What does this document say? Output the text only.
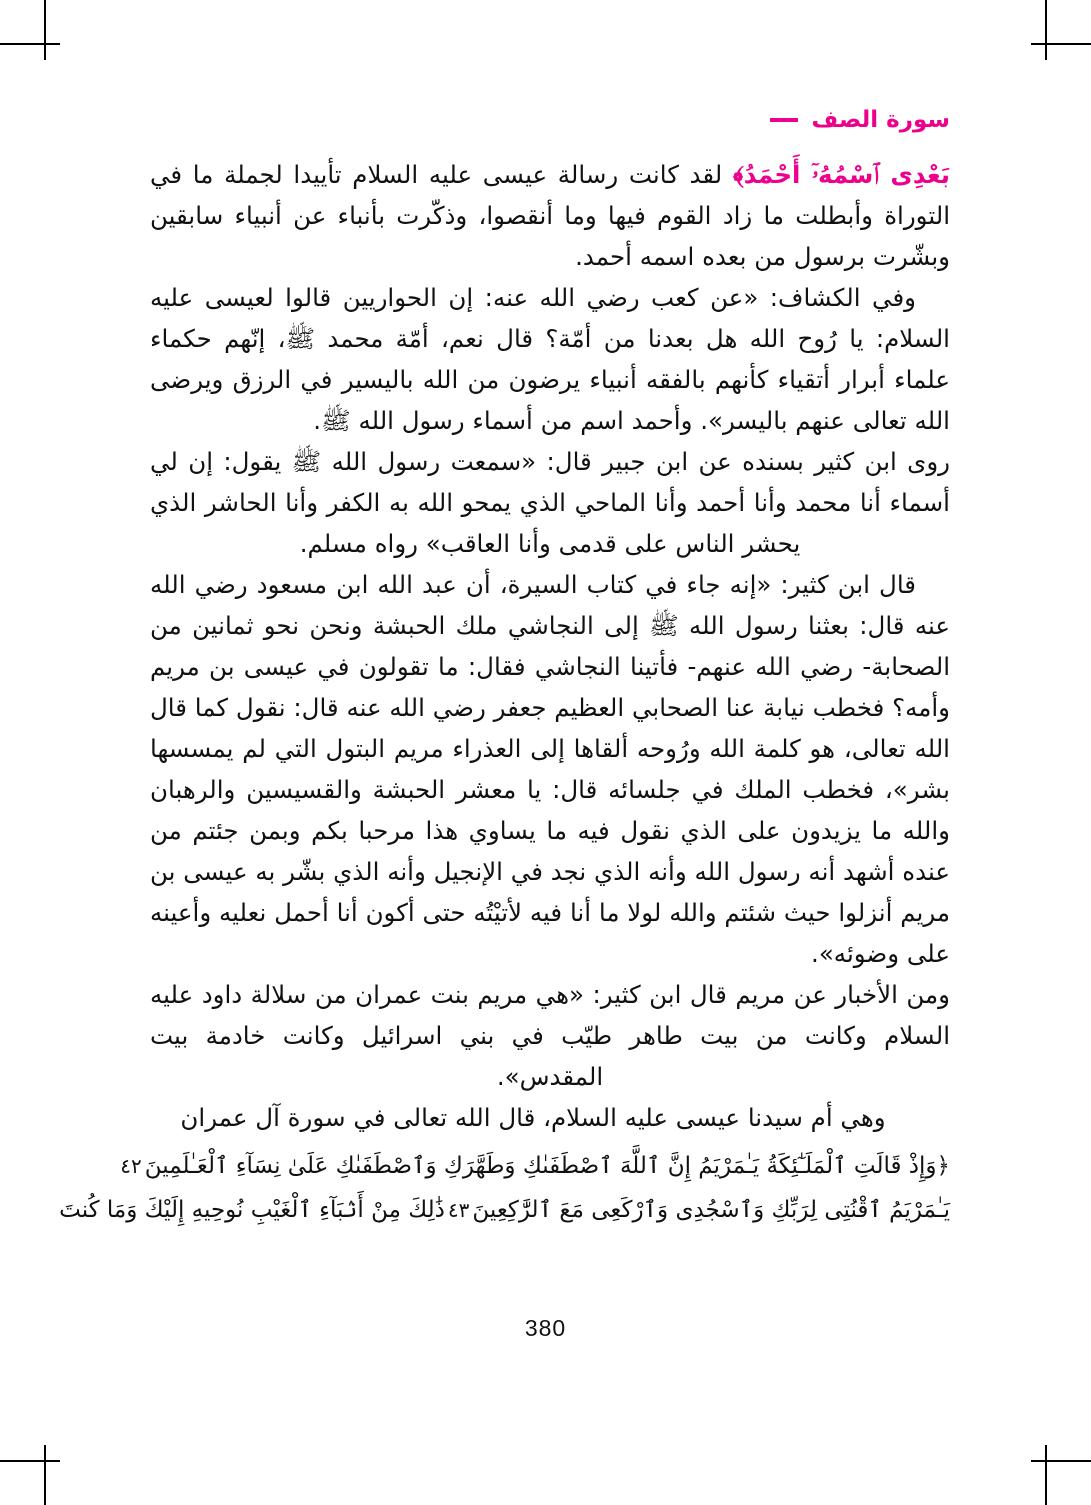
سورة الصف

بَعْدِى ٱسْمُهُۥٓ أَحْمَدُ﴾ لقد كانت رسالة عيسى عليه السلام تأييدا لجملة ما في التوراة وأبطلت ما زاد القوم فيها وما أنقصوا، وذكّرت بأنباء عن أنبياء سابقين وبشّرت برسول من بعده اسمه أحمد.

وفي الكشاف: «عن كعب رضي الله عنه: إن الحواريين قالوا لعيسى عليه السلام: يا رُوح الله هل بعدنا من أمّة؟ قال نعم، أمّة محمد ﷺ، إنّهم حكماء علماء أبرار أتقياء كأنهم بالفقه أنبياء يرضون من الله باليسير في الرزق ويرضى الله تعالى عنهم باليسر». وأحمد اسم من أسماء رسول الله ﷺ.

روى ابن كثير بسنده عن ابن جبير قال: «سمعت رسول الله ﷺ يقول: إن لي أسماء أنا محمد وأنا أحمد وأنا الماحي الذي يمحو الله به الكفر وأنا الحاشر الذي يحشر الناس على قدمى وأنا العاقب» رواه مسلم.

قال ابن كثير: «إنه جاء في كتاب السيرة، أن عبد الله ابن مسعود رضي الله عنه قال: بعثنا رسول الله ﷺ إلى النجاشي ملك الحبشة ونحن نحو ثمانين من الصحابة- رضي الله عنهم- فأتينا النجاشي فقال: ما تقولون في عيسى بن مريم وأمه؟ فخطب نيابة عنا الصحابي العظيم جعفر رضي الله عنه قال: نقول كما قال الله تعالى، هو كلمة الله ورُوحه ألقاها إلى العذراء مريم البتول التي لم يمسسها بشر»، فخطب الملك في جلسائه قال: يا معشر الحبشة والقسيسين والرهبان والله ما يزيدون على الذي نقول فيه ما يساوي هذا مرحبا بكم وبمن جئتم من عنده أشهد أنه رسول الله وأنه الذي نجد في الإنجيل وأنه الذي بشّر به عيسى بن مريم أنزلوا حيث شئتم والله لولا ما أنا فيه لأتيْتُه حتى أكون أنا أحمل نعليه وأعينه على وضوئه».

ومن الأخبار عن مريم قال ابن كثير: «هي مريم بنت عمران من سلالة داود عليه السلام وكانت من بيت طاهر طيّب في بني اسرائيل وكانت خادمة بيت المقدس».

وهي أم سيدنا عيسى عليه السلام، قال الله تعالى في سورة آل عمران

﴿وَإِذْ قَالَتِ ٱلْمَلَـٰٓئِكَةُ يَـٰمَرْيَمُ إِنَّ ٱللَّهَ ٱصْطَفَىٰكِ وَطَهَّرَكِ وَٱصْطَفَىٰكِ عَلَىٰ نِسَآءِ ٱلْعَـٰلَمِينَ٤٢
يَـٰمَرْيَمُ ٱقْنُتِى لِرَبِّكِ وَٱسْجُدِى وَٱرْكَعِى مَعَ ٱلرَّٰكِعِينَ٤٣ذَٰلِكَ مِنْ أَنۢبَآءِ ٱلْغَيْبِ نُوحِيهِ إِلَيْكَ وَمَا كُنتَ
380
